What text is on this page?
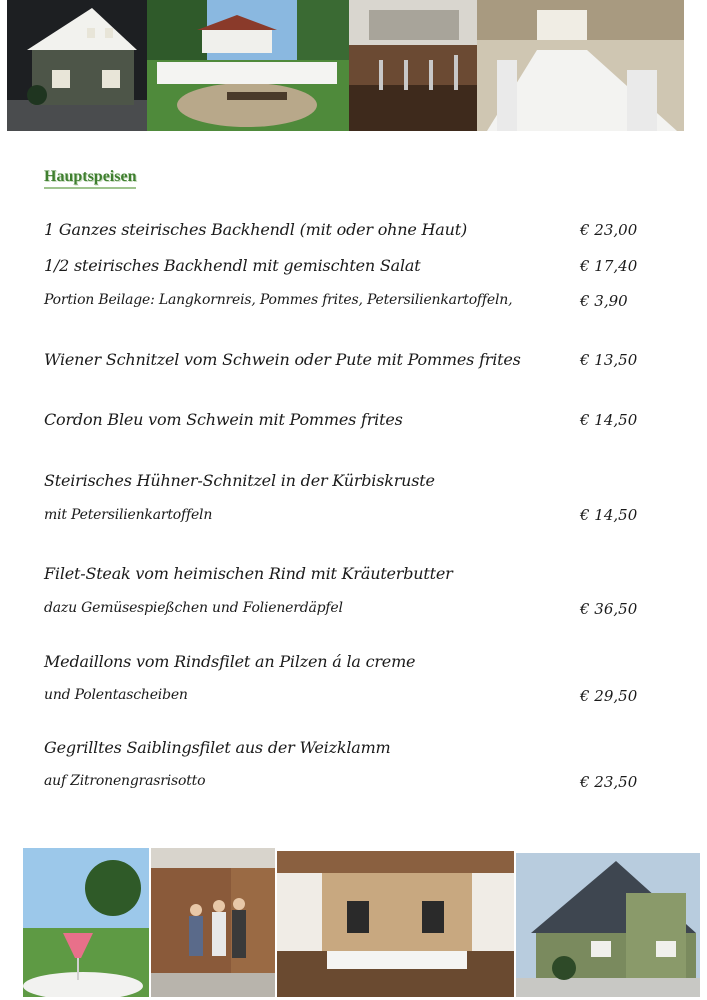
Hauptspeisen
1 Ganzes steirisches Backhendl (mit oder ohne Haut)	€ 23,00
1/2 steirisches Backhendl mit gemischten Salat	€ 17,40
Portion Beilage: Langkornreis, Pommes frites, Petersilienkartoffeln,	€ 3,90
Wiener Schnitzel vom Schwein oder Pute mit Pommes frites	€ 13,50
Cordon Bleu vom Schwein mit Pommes frites	€ 14,50
Steirisches Hühner-Schnitzel in der Kürbiskruste
mit Petersilienkartoffeln	€ 14,50
Filet-Steak vom heimischen Rind mit Kräuterbutter
dazu Gemüsespießchen und Folienerdäpfel	€ 36,50
Medaillons vom Rindsfilet an Pilzen á la creme
und Polentascheiben	€ 29,50
Gegrilltes Saiblingsfilet aus der Weizklamm
auf Zitronengrasrisotto	€ 23,50
